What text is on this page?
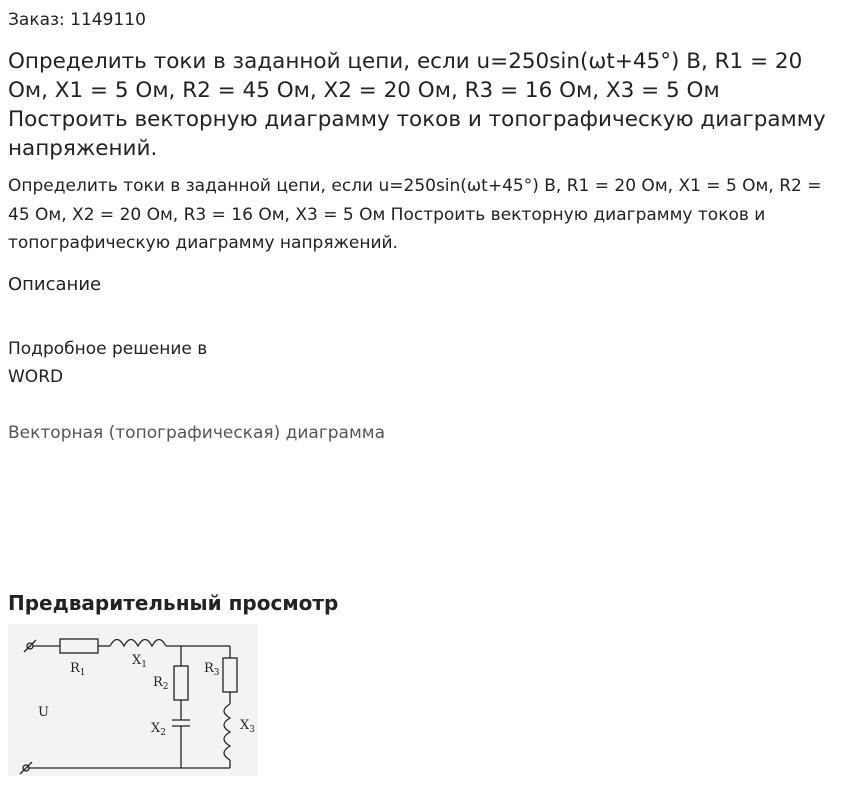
Заказ: 1149110
Определить токи в заданной цепи, если u=250sin(ωt+45°) В, R1 = 20 Ом, X1 = 5 Ом, R2 = 45 Ом, X2 = 20 Ом, R3 = 16 Ом, X3 = 5 Ом Построить векторную диаграмму токов и топографическую диаграмму напряжений.

Определить токи в заданной цепи, если u=250sin(ωt+45°) В, R1 = 20 Ом, X1 = 5 Ом, R2 = 45 Ом, X2 = 20 Ом, R3 = 16 Ом, X3 = 5 Ом Построить векторную диаграмму токов и топографическую диаграмму напряжений.

Описание
Подробное решение в WORD
Векторная (топографическая) диаграмма
Предварительный просмотр
$R_1$
$X_1$
$R_2$
$X_2$
$R_3$
$X_3$
U
